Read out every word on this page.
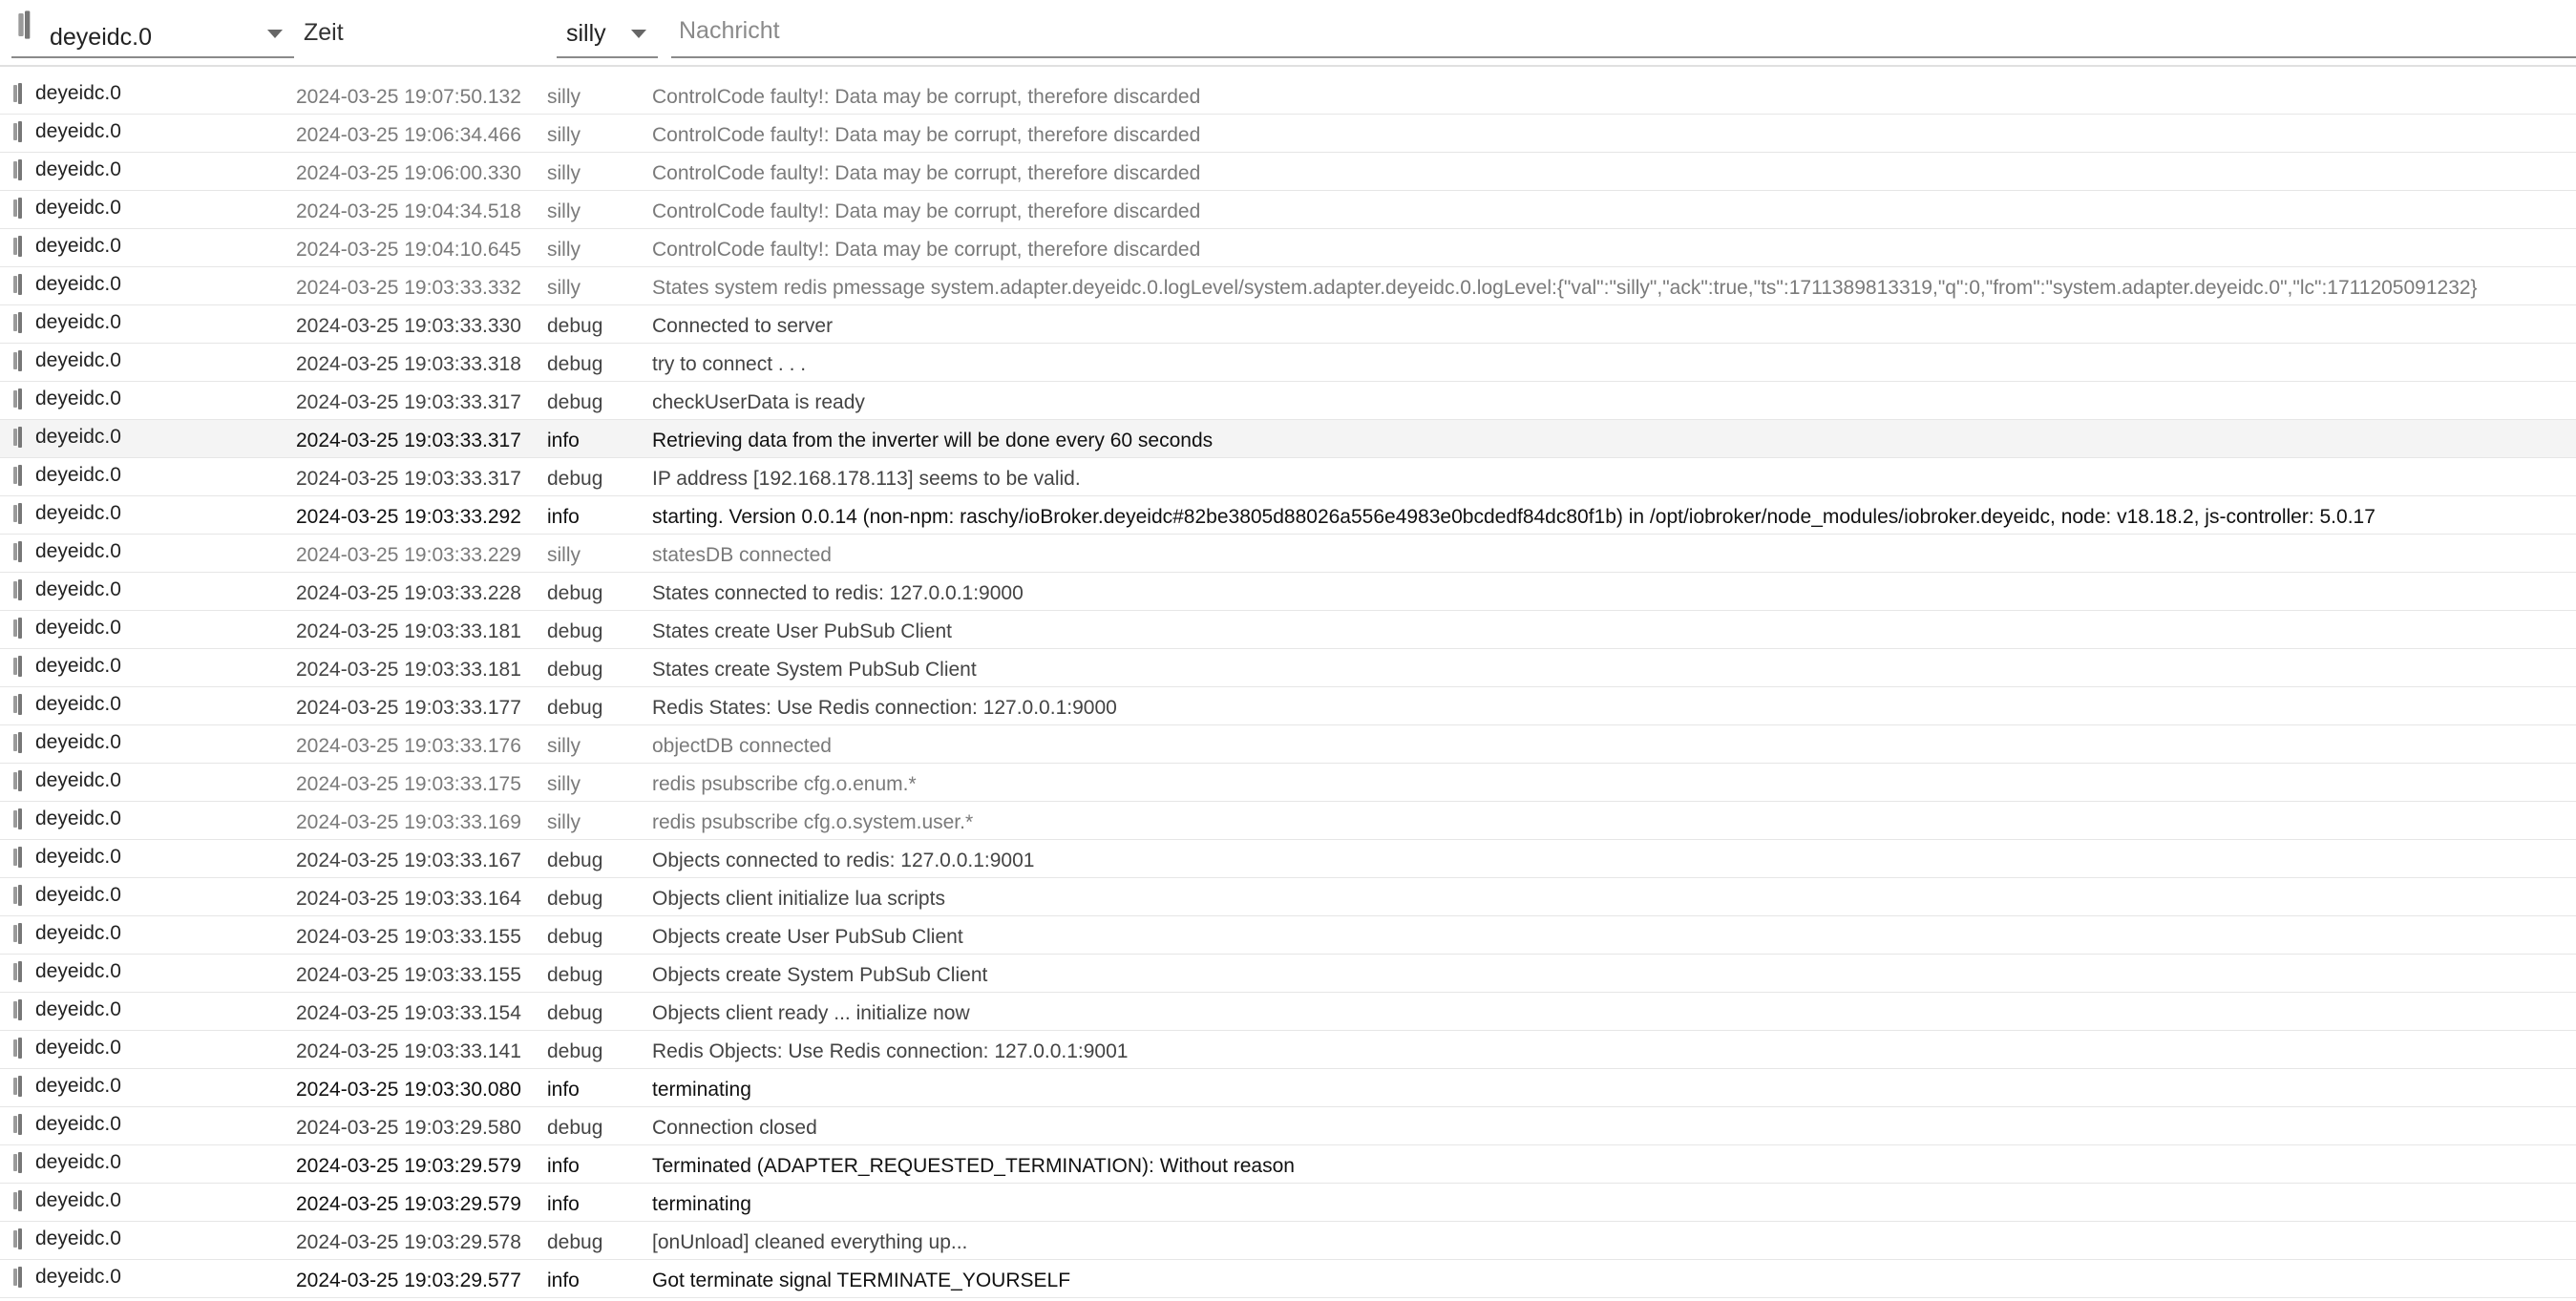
deyeidc.0	Zeit	silly
Nachricht
deyeidc.0	2024-03-25 19:07:50.132	silly	ControlCode faulty!: Data may be corrupt, therefore discarded
deyeidc.0	2024-03-25 19:06:34.466	silly	ControlCode faulty!: Data may be corrupt, therefore discarded
deyeidc.0	2024-03-25 19:06:00.330	silly	ControlCode faulty!: Data may be corrupt, therefore discarded
deyeidc.0	2024-03-25 19:04:34.518	silly	ControlCode faulty!: Data may be corrupt, therefore discarded
deyeidc.0	2024-03-25 19:04:10.645	silly	ControlCode faulty!: Data may be corrupt, therefore discarded
deyeidc.0	2024-03-25 19:03:33.332	silly	States system redis pmessage system.adapter.deyeidc.0.logLevel/system.adapter.deyeidc.0.logLevel:{"val":"silly","ack":true,"ts":1711389813319,"q":0,"from":"system.adapter.deyeidc.0","lc":1711205091232}
deyeidc.0	2024-03-25 19:03:33.330	debug	Connected to server
deyeidc.0	2024-03-25 19:03:33.318	debug	try to connect . . .
deyeidc.0	2024-03-25 19:03:33.317	debug	checkUserData is ready
deyeidc.0	2024-03-25 19:03:33.317	info	Retrieving data from the inverter will be done every 60 seconds
deyeidc.0	2024-03-25 19:03:33.317	debug	IP address [192.168.178.113] seems to be valid.
deyeidc.0	2024-03-25 19:03:33.292	info	starting. Version 0.0.14 (non-npm: raschy/ioBroker.deyeidc#82be3805d88026a556e4983e0bcdedf84dc80f1b) in /opt/iobroker/node_modules/iobroker.deyeidc, node: v18.18.2, js-controller: 5.0.17
deyeidc.0	2024-03-25 19:03:33.229	silly	statesDB connected
deyeidc.0	2024-03-25 19:03:33.228	debug	States connected to redis: 127.0.0.1:9000
deyeidc.0	2024-03-25 19:03:33.181	debug	States create User PubSub Client
deyeidc.0	2024-03-25 19:03:33.181	debug	States create System PubSub Client
deyeidc.0	2024-03-25 19:03:33.177	debug	Redis States: Use Redis connection: 127.0.0.1:9000
deyeidc.0	2024-03-25 19:03:33.176	silly	objectDB connected
deyeidc.0	2024-03-25 19:03:33.175	silly	redis psubscribe cfg.o.enum.*
deyeidc.0	2024-03-25 19:03:33.169	silly	redis psubscribe cfg.o.system.user.*
deyeidc.0	2024-03-25 19:03:33.167	debug	Objects connected to redis: 127.0.0.1:9001
deyeidc.0	2024-03-25 19:03:33.164	debug	Objects client initialize lua scripts
deyeidc.0	2024-03-25 19:03:33.155	debug	Objects create User PubSub Client
deyeidc.0	2024-03-25 19:03:33.155	debug	Objects create System PubSub Client
deyeidc.0	2024-03-25 19:03:33.154	debug	Objects client ready ... initialize now
deyeidc.0	2024-03-25 19:03:33.141	debug	Redis Objects: Use Redis connection: 127.0.0.1:9001
deyeidc.0	2024-03-25 19:03:30.080	info	terminating
deyeidc.0	2024-03-25 19:03:29.580	debug	Connection closed
deyeidc.0	2024-03-25 19:03:29.579	info	Terminated (ADAPTER_REQUESTED_TERMINATION): Without reason
deyeidc.0	2024-03-25 19:03:29.579	info	terminating
deyeidc.0	2024-03-25 19:03:29.578	debug	[onUnload] cleaned everything up...
deyeidc.0	2024-03-25 19:03:29.577	info	Got terminate signal TERMINATE_YOURSELF
